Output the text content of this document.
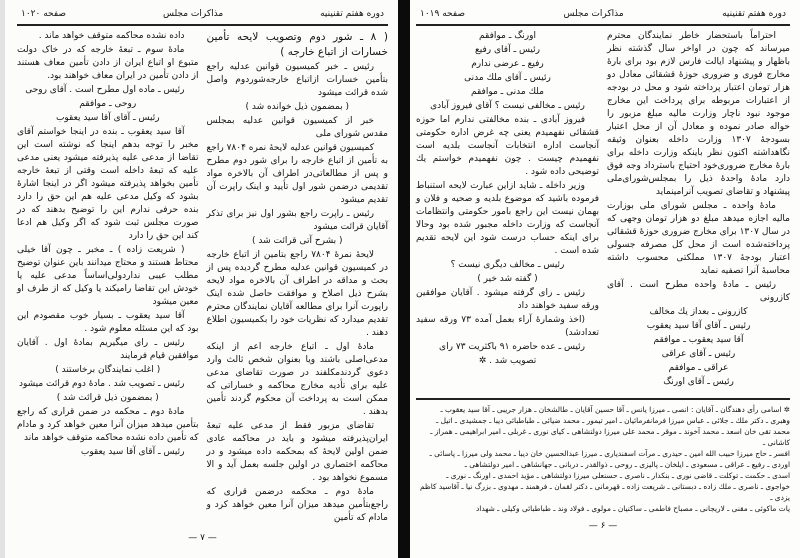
دوره هفتم تقنینیه
مذاکرات مجلس
صفحه ۱۰۲۰

( ۸ ـ شور دوم وتصویب لایحه تأمین خسارات از اتباع خارجه )

رئیس ـ خبر کمیسیون قوانین عدلیه راجع بتأمین خسارات ازاتباع خارجه‌شوردوم واصل شده قرائت میشود

( بمضمون ذیل خوانده شد )

خبر از کمیسیون قوانین عدلیه بمجلس مقدس شورای ملی

کمیسیون قوانین عدلیه لایحهٔ نمره ۷۸۰۴ راجع به تأمین از اتباع خارجه را برای شور دوم مطرح و پس از مطالعاتی‌در اطراف آن بالاخره مواد تقدیمی درضمن شور اول تأیید و اینک راپرت آن تقدیم میشود

رئیس ـ راپرت راجع بشور اول نیز برای تذکر آقایان قرائت میشود

( بشرح آتی قرائت شد )

لایحهٔ نمرهٔ ۷۸۰۴ راجع بتامین از اتباع خارجه در کمیسیون قوانین عدلیه مطرح گردیده پس از بحث و مداقه در اطراف آن بالاخره مواد لایحه بشرح ذیل اصلاح و موافقت حاصل شده اینک راپورت آنرا برای مطالعه آقایان نمایندگان محترم تقدیم میدارد که نظریات خود را بکمیسیون اطلاع دهند .

مادهٔ اول ـ اتباع خارجه اعم از اینکه مدعی‌اصلی باشند ویا بعنوان شخص ثالث وارد دعوی گردند‌مکلفند در صورت تقاضای مدعی علیه برای تأدیه مخارج محاکمه و خساراتی که ممکن است به پرداخت آن محکوم گردند تأمین بدهند .

تقاضای مزبور فقط از مدعی علیه تبعهٔ ایران‌پذیرفته میشود و باید در محاکمه عادی ضمن اولین لایحهٔ که بمحکمه داده میشود و در محاکمه اختصاری در اولین جلسه بعمل آید و الا مسموع نخواهد بود .

مادهٔ دوم ـ محکمه درضمن قراری که راجع‌بتأمین میدهد میزان آنرا معین خواهد کرد و مادام که تأمین

داده نشده محاکمه متوقف خواهد ماند .

مادهٔ سوم ـ تبعهٔ خارجه که در خاک دولت متبوع او اتباع ایران از دادن تأمین معاف هستند از دادن تأمین در ایران معاف خواهند بود.

رئیس ـ ماده اول مطرح است . آقای روحی

روحی ـ موافقم

رئیس ـ آقای آقا سید یعقوب

آقا سید یعقوب ـ بنده در اینجا خواستم آقای مخبر را توجه بدهم اینجا که نوشته است این تقاضا از مدعی علیه پذیرفته میشود یعنی مدعی علیه که تبعهٔ داخله است وقتی از تبعهٔ خارجه تأمین بخواهد پذیرفته میشود اگر در اینجا اشارهٔ بشود که وکیل مدعی علیه هم این حق را دارد بنده حرفی ندارم این را توضیح بدهند که در صورت مجلس ثبت شود که اگر وکیل هم ادعا کند این حق را دارد

( شریعت زاده ) ـ مخبر ـ چون آقا خیلی محتاط هستند و محتاج میدانند باین عنوان توضیح مطلب عیبی ندارد‌ولی‌اساساً مدعی علیه یا خودش این تقاضا رامیکند یا وکیل که از طرف او معین میشود

آقا سید یعقوب ـ بسیار خوب مقصودم این بود که این مسئله معلوم شود .

رئیس ـ رای میگیریم بمادهٔ اول . آقایان موافقین قیام فرمایند

( اغلب نمایندگان برخاستند )

رئیس ـ تصویب شد . مادهٔ دوم قرائت میشود

( بمضمون ذیل قرائت شد )

مادهٔ دوم ـ محکمه در ضمن قراری که راجع بتأمین میدهد میزان آنرا معین خواهد کرد و مادام که تأمین داده نشده محاکمه متوقف خواهد ماند

رئیس ـ آقای آقا سید یعقوب

— ۷ —
دوره هفتم تقنینیه
مذاکرات مجلس
صفحه ۱۰۱۹

احتراماً باستحضار خاطر نمایندگان محترم میرساند که چون در اواخر سال گذشته نظر باظهار و پیشنهاد ایالت فارس لازم بود برای بارهٔ مخارج فوری و ضروری حوزهٔ قشقائی معادل دو هزار تومان اعتبار پرداخته شود و محل در بودجه از اعتبارات مربوطه برای پرداخت این مخارج موجود نبود ناچار وزارت مالیه مبلغ مزبور را حواله صادر نموده و معادل آن از محل اعتبار بسودجهٔ ۱۳۰۷ وزارت داخله بعنوان وثیقه نگاهداشته اکنون نظر باینکه وزارت داخله برای بارهٔ مخارج ضروری‌خود احتیاج باسترداد وجه فوق دارد مادهٔ واحدهٔ ذیل را بمجلس‌شورای‌ملی پیشنهاد و تقاضای تصویب آنرامینماید

مادهٔ واحده ـ مجلس شورای ملی بوزارت مالیه اجازه میدهد مبلغ دو هزار تومان وجهی که در سال ۱۳۰۷ برای مخارج ضروری حوزهٔ قشقائی پرداخته‌شده است از محل کل مصرفه جسولی اعتبار بودجهٔ ۱۳۰۷ مملکتی محسوب داشته محاسبهٔ آنرا تصفیه نماید

رئیس ـ مادهٔ واحده مطرح است . آقای کازرونی

کازرونی ـ بعداز یك مخالف

رئیس ـ آقای آقا سید یعقوب

آقا سید یعقوب ـ موافقم

رئیس ـ آقای عراقی

عراقی ـ موافقم

رئیس ـ آقای اورنگ

اورنگ ـ موافقم

رئیس ـ آقای رفیع

رفیع ـ عرضی ندارم

رئیس ـ آقای ملك مدنی

ملك مدنی ـ موافقم

رئیس ـ مخالفی نیست ؟ آقای فیروز آبادی

فیروز آبادی ـ بنده مخالفتی ندارم اما حوزه قشقائی نفهمیدم یعنی چه غرض اداره حکومتی آنجاست اداره انتخابات آنجاست بلدیه است نفهمیدم چیست . چون نفهمیدم خواستم یك توضیحی داده شود .

وزیر داخله ـ شاید ازاین عبارت لایحه استنباط فرموده باشید که موضوع بلدیه و صحیه و فلان و بهمان نیست این راجع بامور حکومتی وانتظامات آنجاست که وزارت داخله مجبور شده بود وحالا برای اینکه حساب درست شود این لایحه تقدیم شده است .

رئیس ـ مخالف دیگری نیست ؟

( گفته شد خیر )

رئیس ـ رای گرفته میشود . آقایان موافقین ورقه سفید خواهند داد

(اخذ وشمارهٔ آراء بعمل آمده ۷۳ ورقه سفید تعدادشد)

رئیس ـ عده حاضره ۹۱ باکثریت ۷۳ رای

تصویب شد . ✲

✲ اسامی رأی دهندگان ـ آقایان : انصی ـ میرزا یانس ـ آقا حسین آقایان ـ طالشخان ـ هزار جریبی ـ آقا سید یعقوب ـ
وهبری ـ دکتر ملك ـ جلائی ـ عباس میرزا فرمانفرمائیان ـ امیر تیمور ـ محمد ضیائی ـ طباطبائی دیبا ـ جمشیدی ـ اتیل ـ
محمد تقی خان اسعد ـ محمد آخوند ـ موقر ـ محمد علی میرزا دولتشاهی ـ کیای نوری ـ غربلی ـ امیر ابراهیمی ـ همراز ـ کاشانی ـ
افسر ـ حاج میرزا حبیب الله امین ـ حیدری ـ مرآت اسفندیاری ـ میرزا عبدالحسین خان دیبا ـ محمد ولی میرزا ـ پاسائی ـ
اوردی ـ رفیع ـ عراقی ـ مسعودی ـ ایلخان ـ پالیزی ـ روحی ـ ذوالقدر ـ دربانی ـ جهانشاهی ـ امیر دولتشاهی ـ
اسدی ـ حکمت ـ توکلت ـ قاضی نوری ـ بنکدار ـ ناصری ـ حسنعلی میرزا دولتشاهی ـ مؤید احمدی ـ اورنگ ـ نوری ـ
خواجوی ـ ناصری ـ ملك زاده ـ دبستانی ـ شریعت زاده ـ قهرمانی ـ دکتر لقمان ـ فرهمند ـ مهدوی ـ بزرگ نیا ـ آقاسید کاظم یزدی ـ
یات ماکوئی ـ مقنی ـ لاریجانی ـ مصباح فاطمی ـ ساکنیان ـ مولوی ـ فولاد وند ـ طباطبائی وکیلی ـ شهداد
— ۶ —
